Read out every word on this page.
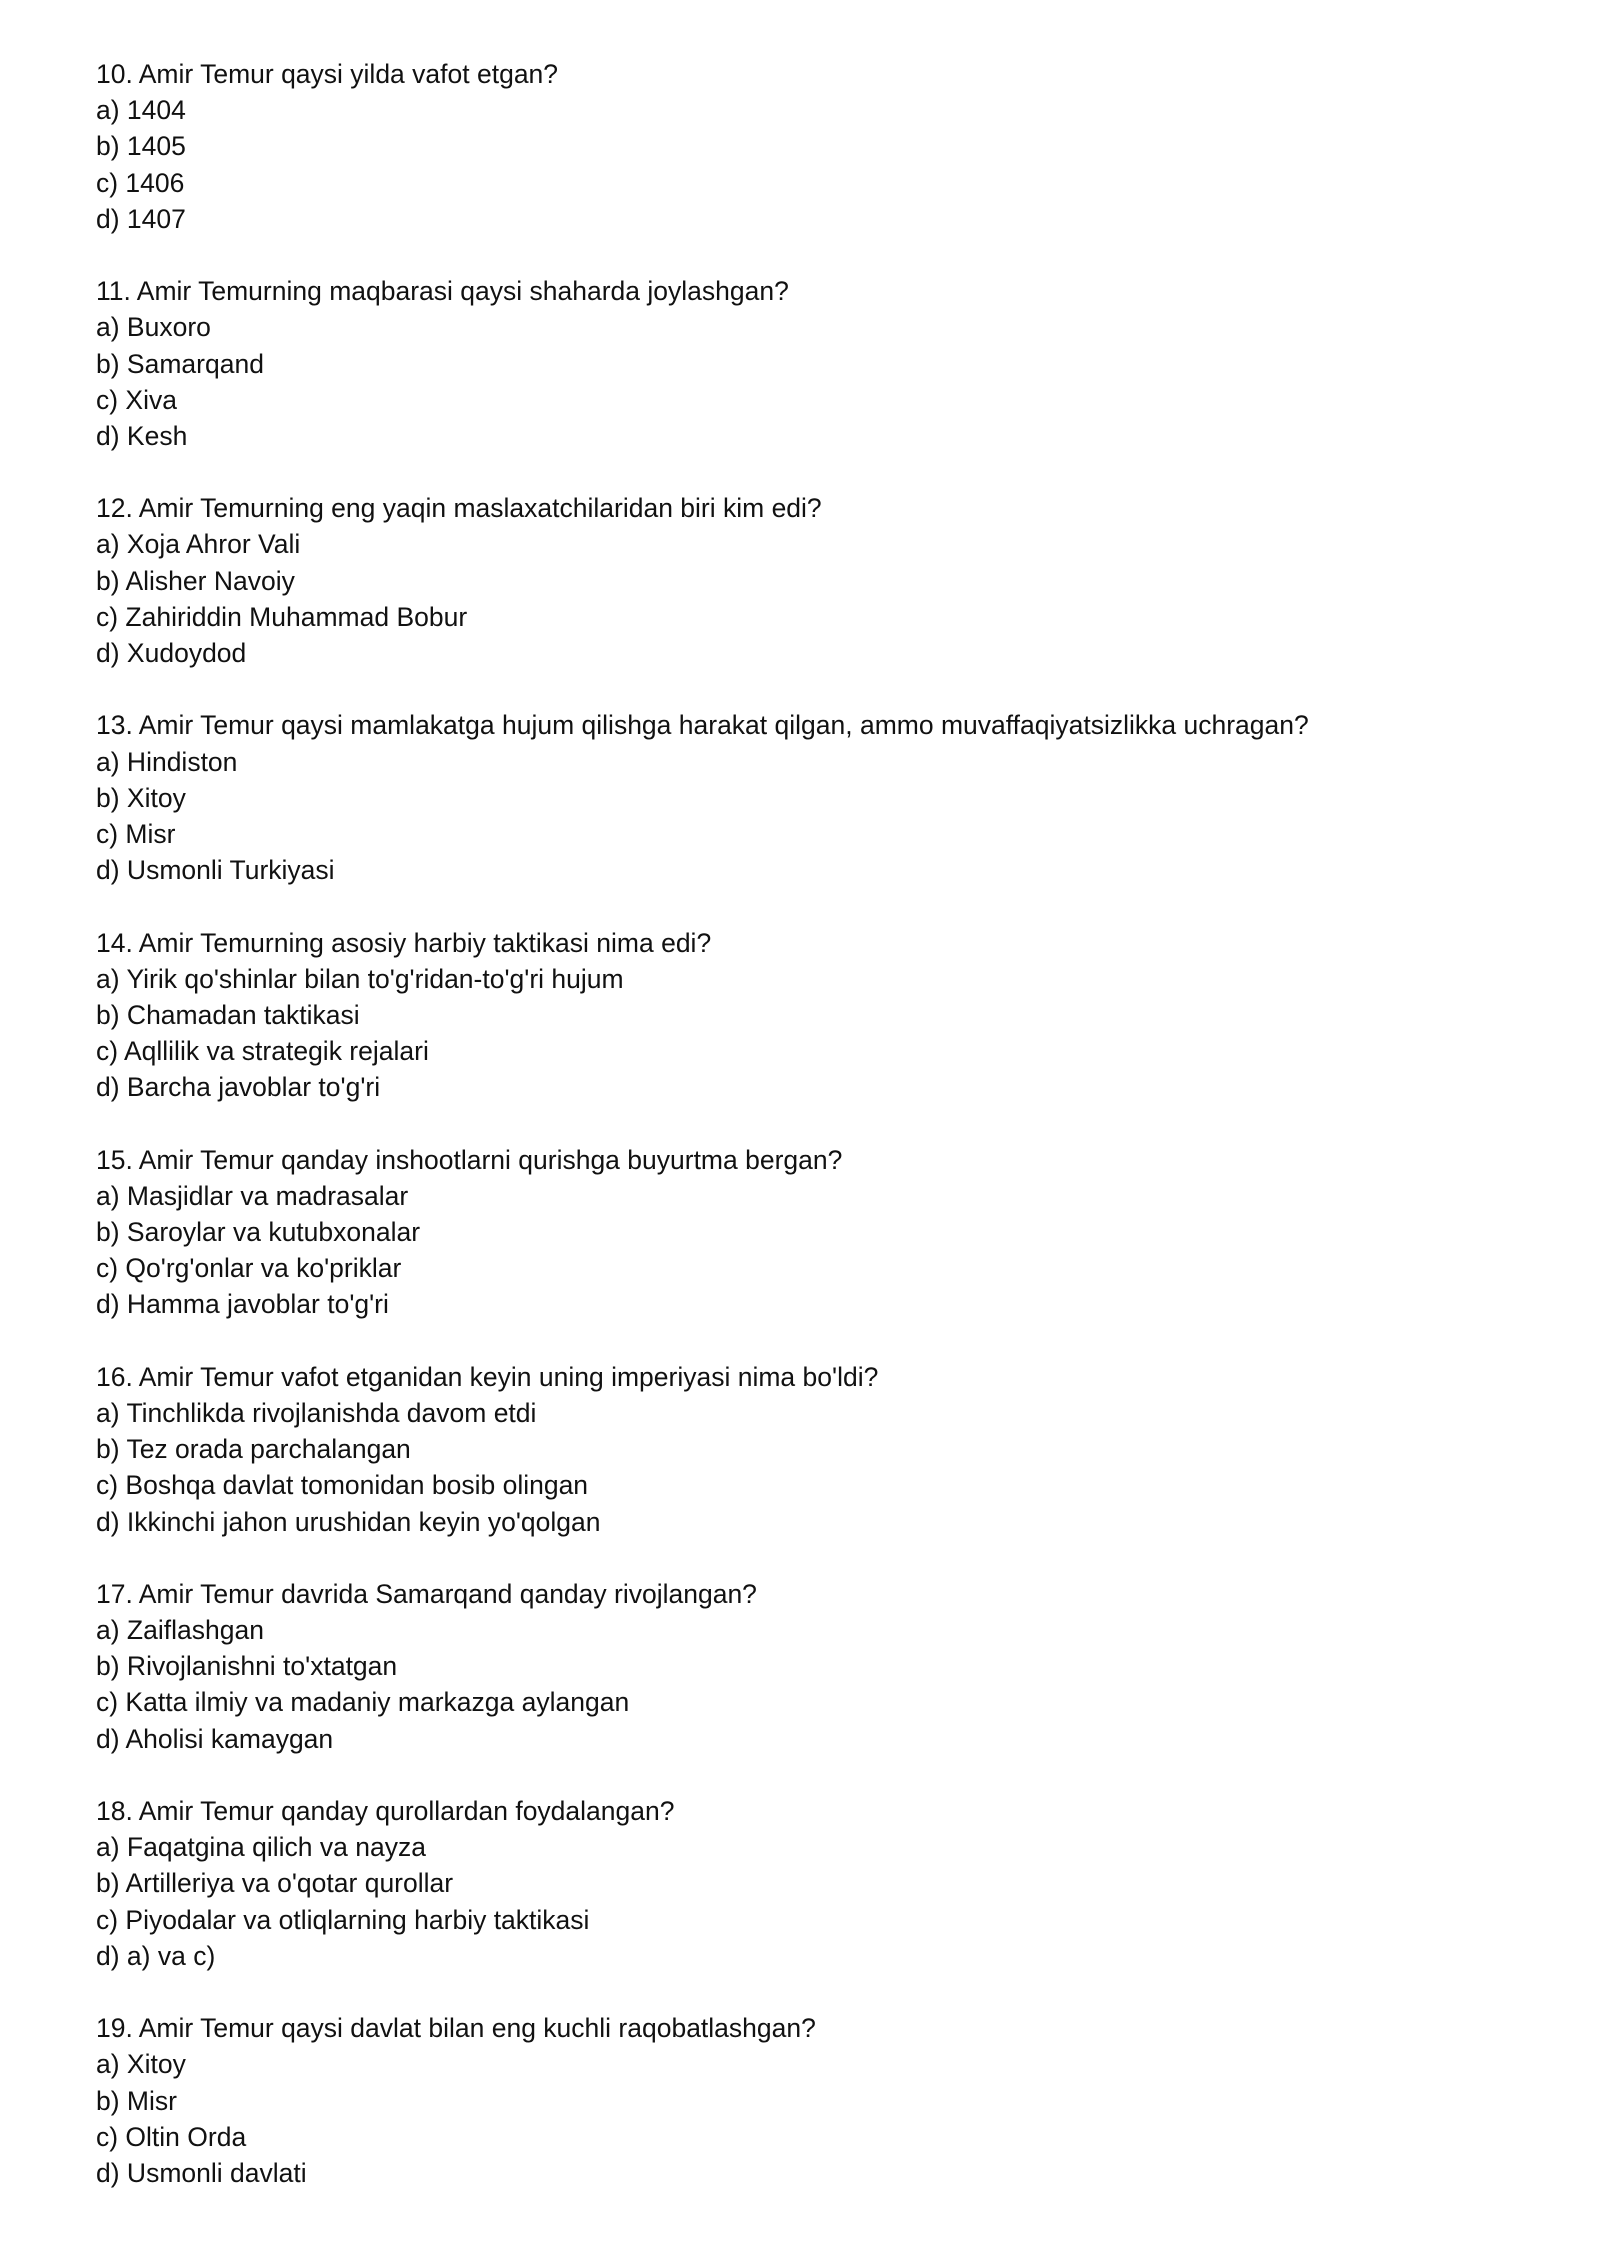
10. Amir Temur qaysi yilda vafot etgan?

a) 1404

b) 1405

c) 1406

d) 1407

11. Amir Temurning maqbarasi qaysi shaharda joylashgan?

a) Buxoro

b) Samarqand

c) Xiva

d) Kesh

12. Amir Temurning eng yaqin maslaxatchilaridan biri kim edi?

a) Xoja Ahror Vali

b) Alisher Navoiy

c) Zahiriddin Muhammad Bobur

d) Xudoydod

13. Amir Temur qaysi mamlakatga hujum qilishga harakat qilgan, ammo muvaffaqiyatsizlikka uchragan?

a) Hindiston

b) Xitoy

c) Misr

d) Usmonli Turkiyasi

14. Amir Temurning asosiy harbiy taktikasi nima edi?

a) Yirik qo'shinlar bilan to'g'ridan-to'g'ri hujum

b) Chamadan taktikasi

c) Aqllilik va strategik rejalari

d) Barcha javoblar to'g'ri

15. Amir Temur qanday inshootlarni qurishga buyurtma bergan?

a) Masjidlar va madrasalar

b) Saroylar va kutubxonalar

c) Qo'rg'onlar va ko'priklar

d) Hamma javoblar to'g'ri

16. Amir Temur vafot etganidan keyin uning imperiyasi nima bo'ldi?

a) Tinchlikda rivojlanishda davom etdi

b) Tez orada parchalangan

c) Boshqa davlat tomonidan bosib olingan

d) Ikkinchi jahon urushidan keyin yo'qolgan

17. Amir Temur davrida Samarqand qanday rivojlangan?

a) Zaiflashgan

b) Rivojlanishni to'xtatgan

c) Katta ilmiy va madaniy markazga aylangan

d) Aholisi kamaygan

18. Amir Temur qanday qurollardan foydalangan?

a) Faqatgina qilich va nayza

b) Artilleriya va o'qotar qurollar

c) Piyodalar va otliqlarning harbiy taktikasi

d) a) va c)

19. Amir Temur qaysi davlat bilan eng kuchli raqobatlashgan?

a) Xitoy

b) Misr

c) Oltin Orda

d) Usmonli davlati
